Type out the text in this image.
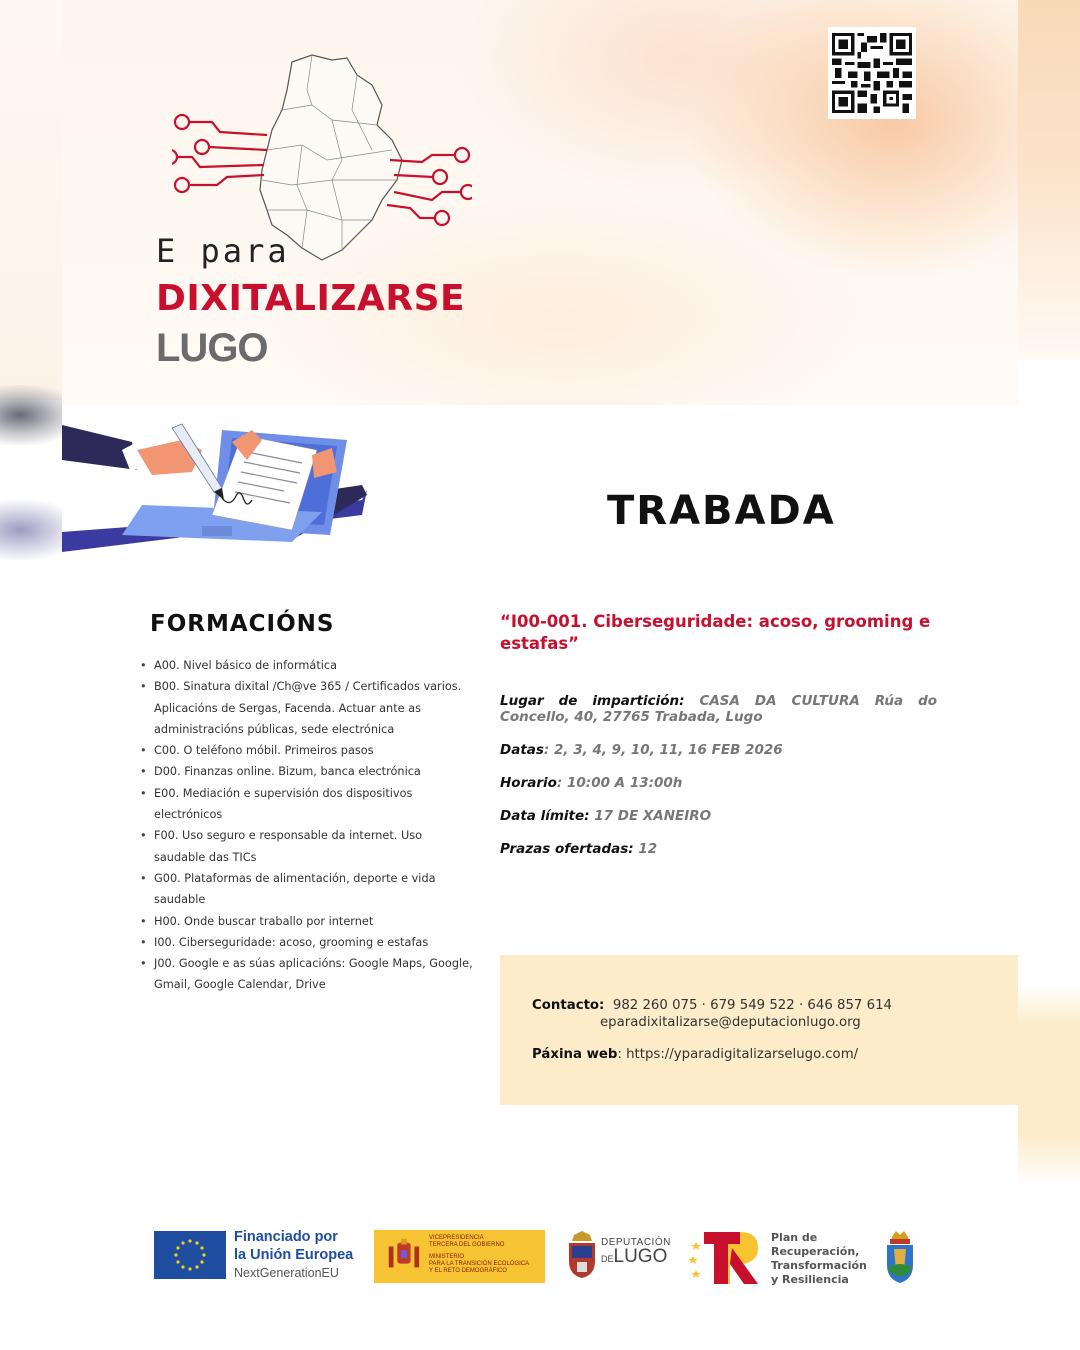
E para
DIXITALIZARSE
LUGO
TRABADA
FORMACIÓNS
• A00. Nivel básico de informática
• B00. Sinatura dixital /Ch@ve 365 / Certificados varios. Aplicacións de Sergas, Facenda. Actuar ante as administracións públicas, sede electrónica
• C00. O teléfono móbil. Primeiros pasos
• D00. Finanzas online. Bizum, banca electrónica
• E00. Mediación e supervisión dos dispositivos electrónicos
• F00. Uso seguro e responsable da internet. Uso saudable das TICs
• G00. Plataformas de alimentación, deporte e vida saudable
• H00. Onde buscar traballo por internet
• I00. Ciberseguridade: acoso, grooming e estafas
• J00. Google e as súas aplicacións: Google Maps, Google, Gmail, Google Calendar, Drive
“I00-001. Ciberseguridade: acoso, grooming e estafas”
Lugar de impartición: CASA DA CULTURA Rúa do Concello, 40, 27765 Trabada, Lugo
Datas: 2, 3, 4, 9, 10, 11, 16 FEB 2026
Horario: 10:00 A 13:00h
Data límite: 17 DE XANEIRO
Prazas ofertadas: 12
Contacto: 982 260 075 · 679 549 522 · 646 857 614
eparadixitalizarse@deputacionlugo.org
Páxina web: https://yparadigitalizarselugo.com/
Financiado por
la Unión Europea
NextGenerationEU
VICEPRESIDENCIA
TERCERA DEL GOBIERNO
MINISTERIO
PARA LA TRANSICIÓN ECOLÓGICA
Y EL RETO DEMOGRÁFICO
DEPUTACIÓN
DELUGO
Plan de
Recuperación,
Transformación
y Resiliencia
